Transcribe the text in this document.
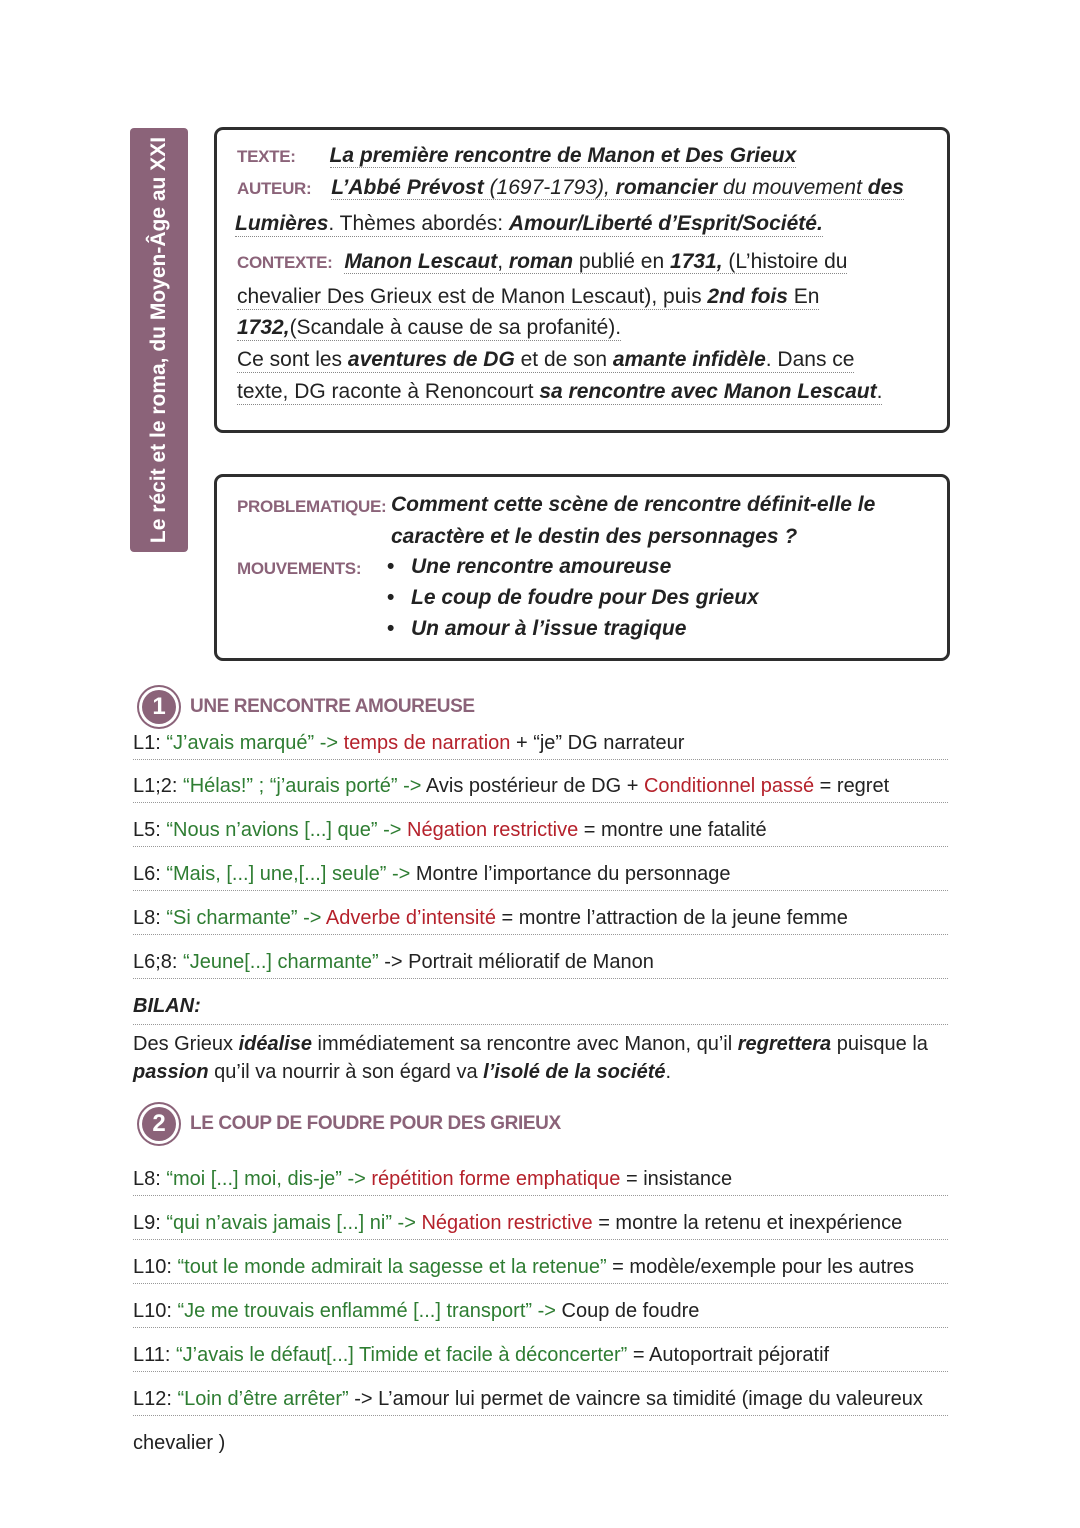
Le récit et le roma, du Moyen-Âge au XXI	TEXTE: La première rencontre de Manon et Des Grieux
AUTEUR: L’Abbé Prévost (1697-1793), romancier du mouvement des
Lumières. Thèmes abordés: Amour/Liberté d’Esprit/Société.
CONTEXTE: Manon Lescaut, roman publié en 1731, (L’histoire du
chevalier Des Grieux est de Manon Lescaut), puis 2nd fois En
1732,(Scandale à cause de sa profanité).
Ce sont les aventures de DG et de son amante infidèle. Dans ce
texte, DG raconte à Renoncourt sa rencontre avec Manon Lescaut.
PROBLEMATIQUE: Comment cette scène de rencontre définit-elle le
caractère et le destin des personnages ?
MOUVEMENTS:
• Une rencontre amoureuse
• Le coup de foudre pour Des grieux
• Un amour à l’issue tragique
1	UNE RENCONTRE AMOUREUSE
L1: “J’avais marqué” -> temps de narration + “je” DG narrateur
L1;2: “Hélas!” ; “j’aurais porté” -> Avis postérieur de DG + Conditionnel passé = regret
L5: “Nous n’avions [...] que” -> Négation restrictive = montre une fatalité
L6: “Mais, [...] une,[...] seule” -> Montre l’importance du personnage
L8: “Si charmante” -> Adverbe d’intensité = montre l’attraction de la jeune femme
L6;8: “Jeune[...] charmante” -> Portrait mélioratif de Manon
BILAN:
Des Grieux idéalise immédiatement sa rencontre avec Manon, qu’il regrettera puisque la passion qu’il va nourrir à son égard va l’isolé de la société.
2	LE COUP DE FOUDRE POUR DES GRIEUX
L8: “moi [...] moi, dis-je” -> répétition forme emphatique = insistance
L9: “qui n’avais jamais [...] ni” -> Négation restrictive = montre la retenu et inexpérience
L10: “tout le monde admirait la sagesse et la retenue” = modèle/exemple pour les autres
L10: “Je me trouvais enflammé [...] transport” -> Coup de foudre
L11: “J’avais le défaut[...] Timide et facile à déconcerter” = Autoportrait péjoratif
L12: “Loin d’être arrêter” -> L’amour lui permet de vaincre sa timidité (image du valeureux
chevalier )
